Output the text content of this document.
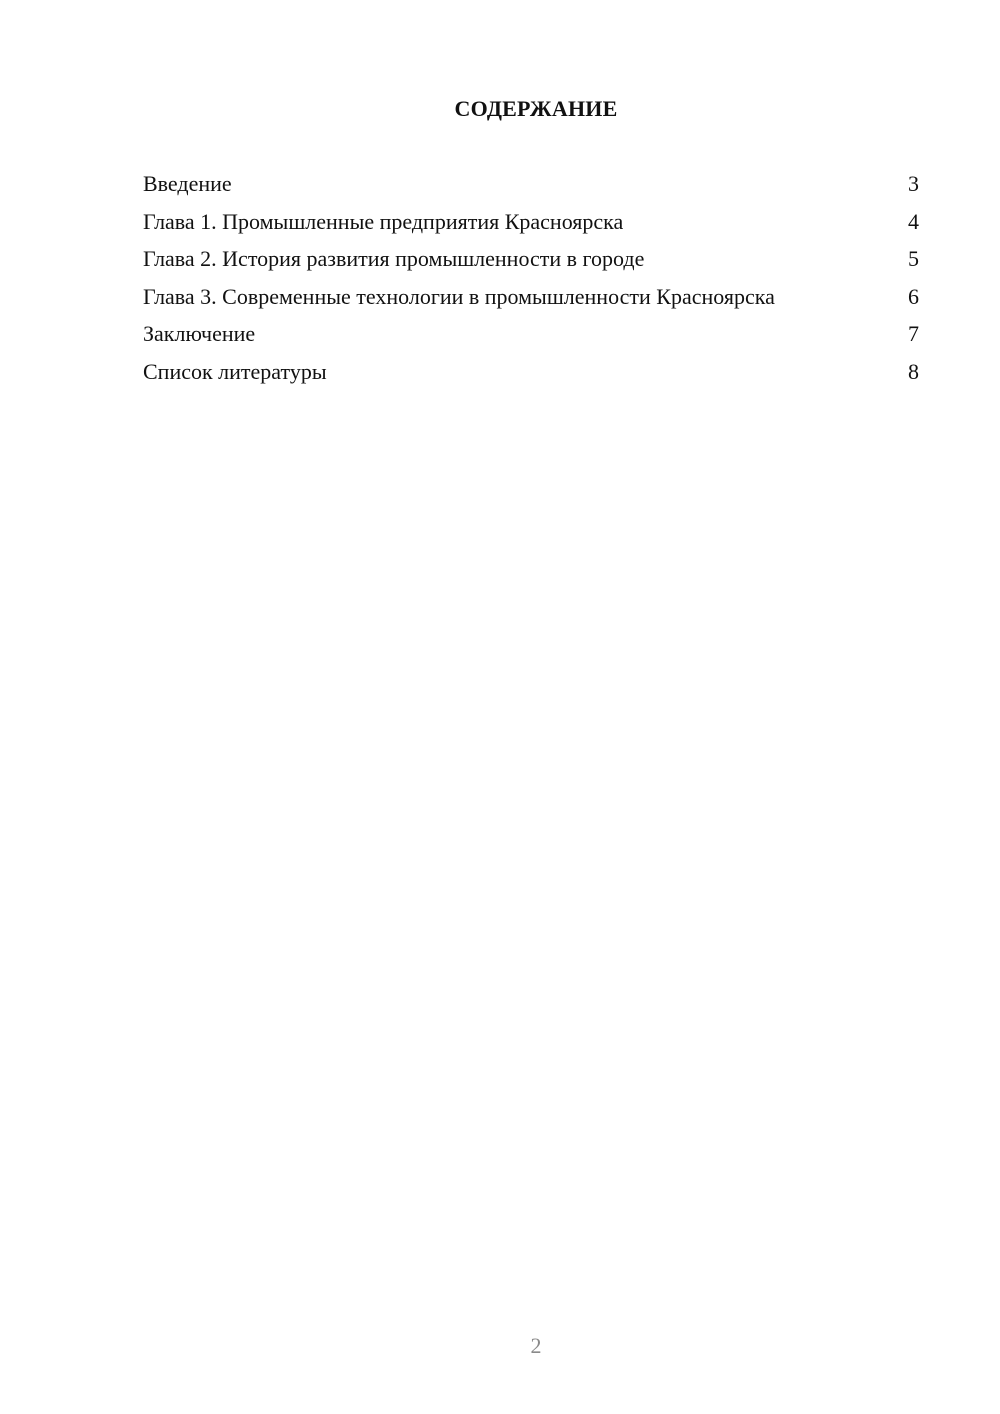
СОДЕРЖАНИЕ
Введение	3
Глава 1. Промышленные предприятия Красноярска	4
Глава 2. История развития промышленности в городе	5
Глава 3. Современные технологии в промышленности Красноярска	6
Заключение	7
Список литературы	8
2
